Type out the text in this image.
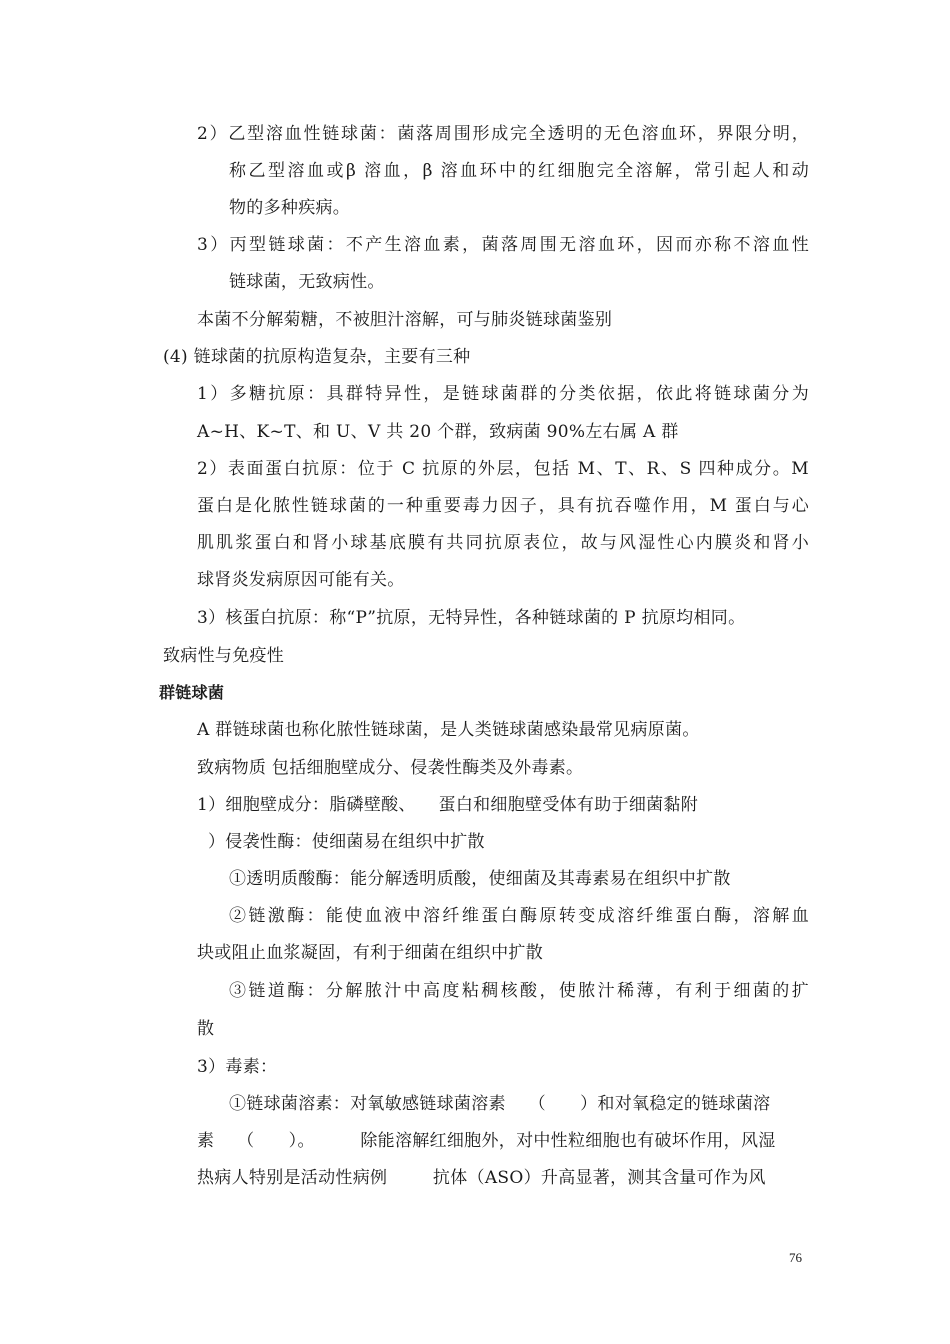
2）乙型溶血性链球菌：菌落周围形成完全透明的无色溶血环，界限分明，
称乙型溶血或β 溶血，β 溶血环中的红细胞完全溶解，常引起人和动
物的多种疾病。
3）丙型链球菌：不产生溶血素，菌落周围无溶血环，因而亦称不溶血性
链球菌，无致病性。
本菌不分解菊糖，不被胆汁溶解，可与肺炎链球菌鉴别
(4) 链球菌的抗原构造复杂，主要有三种
1）多糖抗原：具群特异性，是链球菌群的分类依据，依此将链球菌分为
A~H、K~T、和 U、V 共 20 个群，致病菌 90%左右属 A 群
2）表面蛋白抗原：位于 C 抗原的外层，包括 M、T、R、S 四种成分。M
蛋白是化脓性链球菌的一种重要毒力因子，具有抗吞噬作用，M 蛋白与心
肌肌浆蛋白和肾小球基底膜有共同抗原表位，故与风湿性心内膜炎和肾小
球肾炎发病原因可能有关。
3）核蛋白抗原：称“P”抗原，无特异性，各种链球菌的 P 抗原均相同。
致病性与免疫性
群链球菌
A 群链球菌也称化脓性链球菌，是人类链球菌感染最常见病原菌。
致病物质 包括细胞壁成分、侵袭性酶类及外毒素。
1）细胞壁成分：脂磷壁酸、    蛋白和细胞壁受体有助于细菌黏附
）侵袭性酶：使细菌易在组织中扩散
①透明质酸酶：能分解透明质酸，使细菌及其毒素易在组织中扩散
②链激酶：能使血液中溶纤维蛋白酶原转变成溶纤维蛋白酶，溶解血
块或阻止血浆凝固，有利于细菌在组织中扩散
③链道酶：分解脓汁中高度粘稠核酸，使脓汁稀薄，有利于细菌的扩
散
3）毒素：
①链球菌溶素：对氧敏感链球菌溶素    （      ）和对氧稳定的链球菌溶
素    （      ）。        除能溶解红细胞外，对中性粒细胞也有破坏作用，风湿
热病人特别是活动性病例        抗体（ASO）升高显著，测其含量可作为风
76
